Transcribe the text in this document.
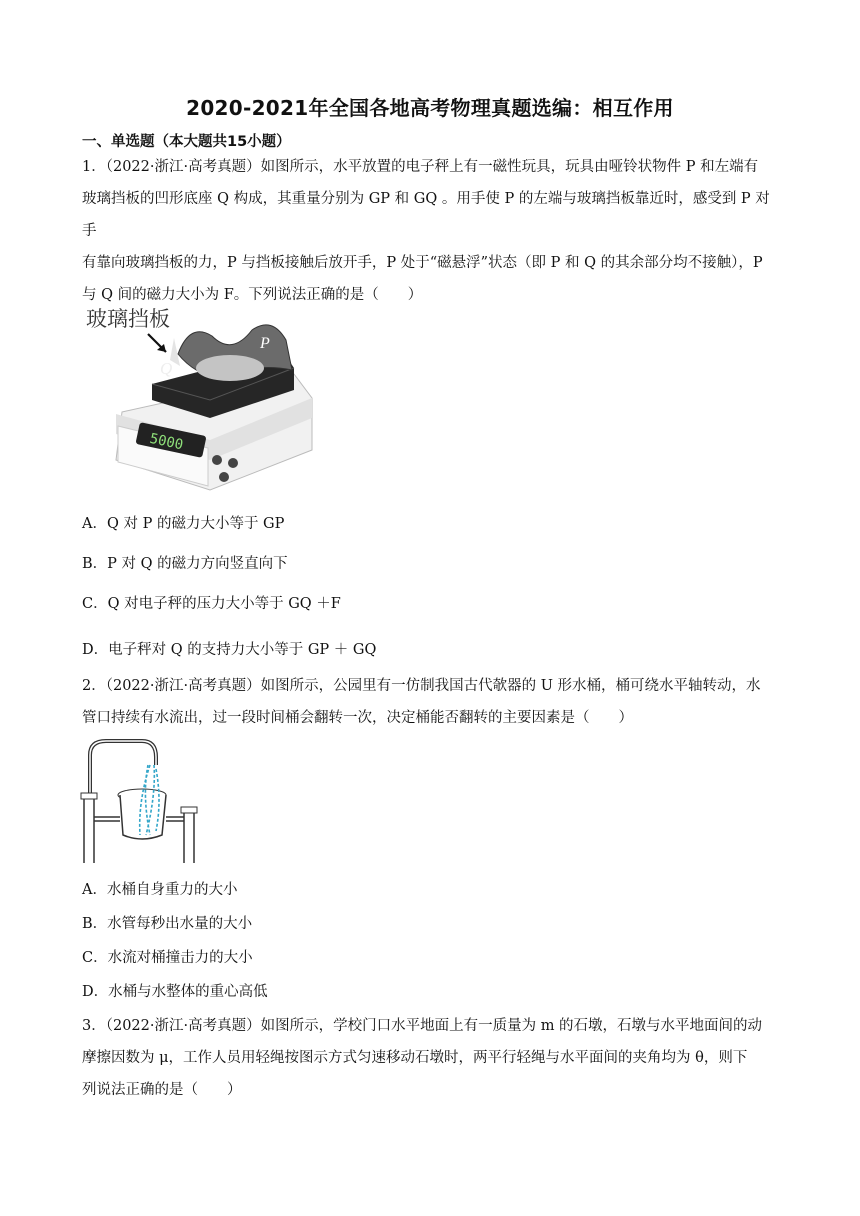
2020-2021年全国各地高考物理真题选编：相互作用
一、单选题（本大题共15小题）

1．（2022·浙江·高考真题）如图所示，水平放置的电子秤上有一磁性玩具，玩具由哑铃状物件 P 和左端有

玻璃挡板的凹形底座 Q 构成，其重量分别为 GP 和 GQ 。用手使 P 的左端与玻璃挡板靠近时，感受到 P 对手

有靠向玻璃挡板的力，P 与挡板接触后放开手，P 处于“磁悬浮”状态（即 P 和 Q 的其余部分均不接触），P

与 Q 间的磁力大小为 F。下列说法正确的是（　　）

玻璃挡板
5000
Q
P
A．Q 对 P 的磁力大小等于 GP
B．P 对 Q 的磁力方向竖直向下
C．Q 对电子秤的压力大小等于 GQ ＋F
D．电子秤对 Q 的支持力大小等于 GP ＋ GQ

2．（2022·浙江·高考真题）如图所示，公园里有一仿制我国古代欹器的 U 形水桶，桶可绕水平轴转动，水

管口持续有水流出，过一段时间桶会翻转一次，决定桶能否翻转的主要因素是（　　）

A．水桶自身重力的大小
B．水管每秒出水量的大小
C．水流对桶撞击力的大小
D．水桶与水整体的重心高低

3．（2022·浙江·高考真题）如图所示，学校门口水平地面上有一质量为 m 的石墩，石墩与水平地面间的动

摩擦因数为 μ，工作人员用轻绳按图示方式匀速移动石墩时，两平行轻绳与水平面间的夹角均为 θ，则下

列说法正确的是（　　）
